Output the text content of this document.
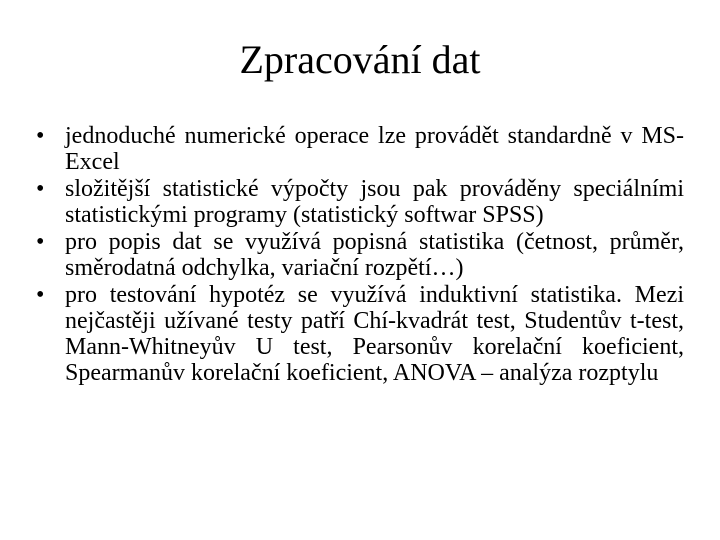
Zpracování dat
• jednoduché numerické operace lze provádět standardně v MS-Excel
• složitější statistické výpočty jsou pak prováděny speciálními statistickými programy (statistický softwar SPSS)
• pro popis dat se využívá popisná statistika (četnost, průměr, směrodatná odchylka, variační rozpětí…)
• pro testování hypotéz se využívá induktivní statistika. Mezi nejčastěji užívané testy patří Chí-kvadrát test, Studentův t-test, Mann-Whitneyův U test, Pearsonův korelační koeficient, Spearmanův korelační koeficient, ANOVA – analýza rozptylu
